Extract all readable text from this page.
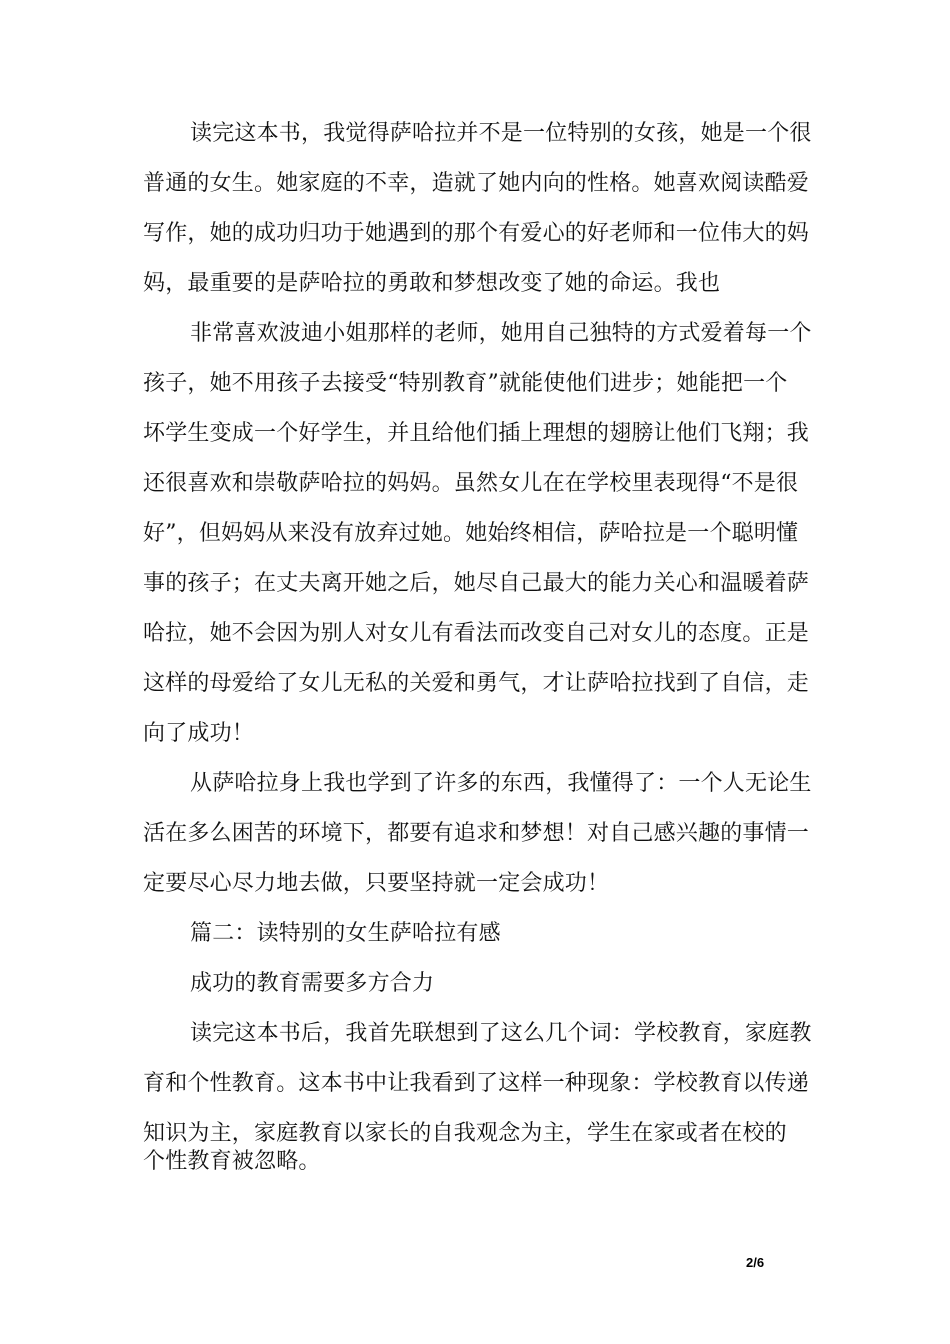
读完这本书，我觉得萨哈拉并不是一位特别的女孩，她是一个很
普通的女生。她家庭的不幸，造就了她内向的性格。她喜欢阅读酷爱
写作，她的成功归功于她遇到的那个有爱心的好老师和一位伟大的妈
妈，最重要的是萨哈拉的勇敢和梦想改变了她的命运。我也
非常喜欢波迪小姐那样的老师，她用自己独特的方式爱着每一个
孩子，她不用孩子去接受“特别教育”就能使他们进步；她能把一个
坏学生变成一个好学生，并且给他们插上理想的翅膀让他们飞翔；我
还很喜欢和崇敬萨哈拉的妈妈。虽然女儿在在学校里表现得“不是很
好”，但妈妈从来没有放弃过她。她始终相信，萨哈拉是一个聪明懂
事的孩子；在丈夫离开她之后，她尽自己最大的能力关心和温暖着萨
哈拉，她不会因为别人对女儿有看法而改变自己对女儿的态度。正是
这样的母爱给了女儿无私的关爱和勇气，才让萨哈拉找到了自信，走
向了成功！
从萨哈拉身上我也学到了许多的东西，我懂得了：一个人无论生
活在多么困苦的环境下，都要有追求和梦想！对自己感兴趣的事情一
定要尽心尽力地去做，只要坚持就一定会成功！
篇二：读特别的女生萨哈拉有感
成功的教育需要多方合力
读完这本书后，我首先联想到了这么几个词：学校教育，家庭教
育和个性教育。这本书中让我看到了这样一种现象：学校教育以传递
知识为主，家庭教育以家长的自我观念为主，学生在家或者在校的
个性教育被忽略。
2/6
